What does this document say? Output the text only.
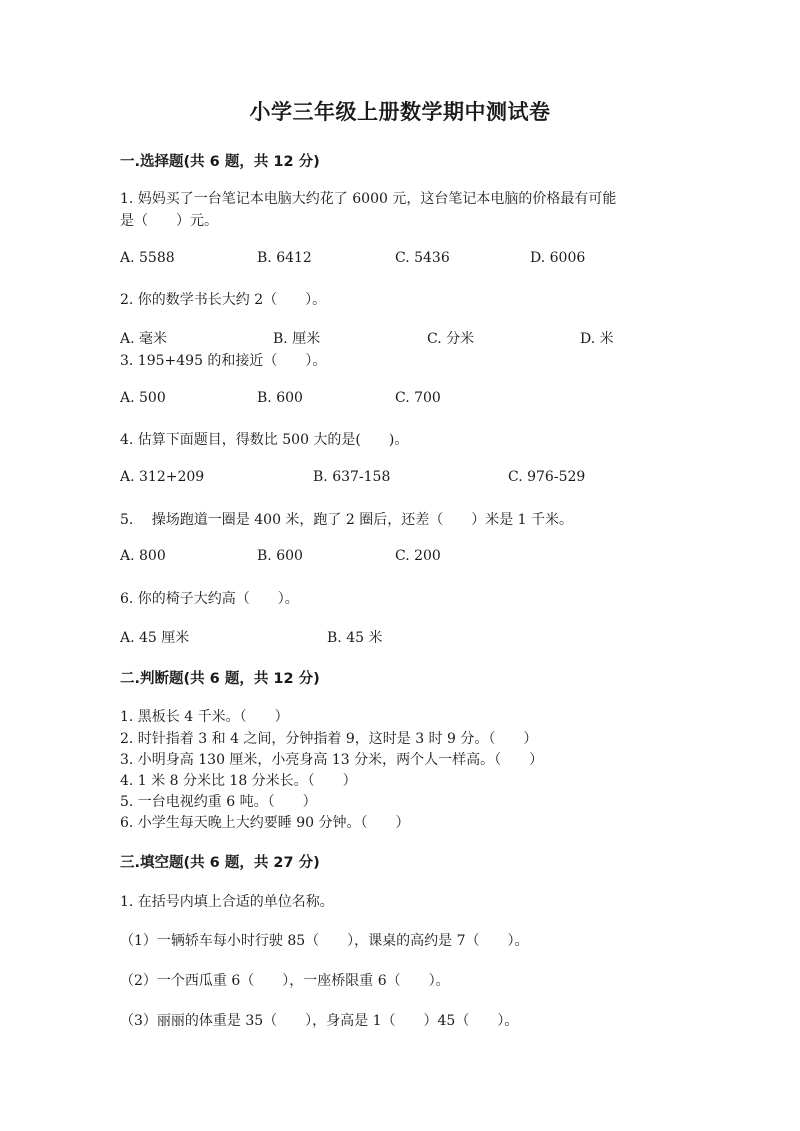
小学三年级上册数学期中测试卷
一.选择题(共 6 题，共 12 分)
1. 妈妈买了一台笔记本电脑大约花了 6000 元，这台笔记本电脑的价格最有可能
是（　　）元。
A. 5588	B. 6412	C. 5436	D. 6006
2. 你的数学书长大约 2（　　）。
A. 毫米	B. 厘米	C. 分米	D. 米
3. 195+495 的和接近（　　）。
A. 500	B. 600	C. 700
4. 估算下面题目，得数比 500 大的是(　　)。
A. 312+209	B. 637-158	C. 976-529
5.　 操场跑道一圈是 400 米，跑了 2 圈后，还差（　　）米是 1 千米。
A. 800	B. 600	C. 200
6. 你的椅子大约高（　　）。
A. 45 厘米	B. 45 米
二.判断题(共 6 题，共 12 分)
1. 黑板长 4 千米。（　　）
2. 时针指着 3 和 4 之间，分钟指着 9，这时是 3 时 9 分。（　　）
3. 小明身高 130 厘米，小亮身高 13 分米，两个人一样高。（　　）
4. 1 米 8 分米比 18 分米长。（　　）
5. 一台电视约重 6 吨。（　　）
6. 小学生每天晚上大约要睡 90 分钟。（　　）
三.填空题(共 6 题，共 27 分)
1. 在括号内填上合适的单位名称。
（1）一辆轿车每小时行驶 85（　　），课桌的高约是 7（　　）。
（2）一个西瓜重 6（　　），一座桥限重 6（　　）。
（3）丽丽的体重是 35（　　），身高是 1（　　）45（　　）。
